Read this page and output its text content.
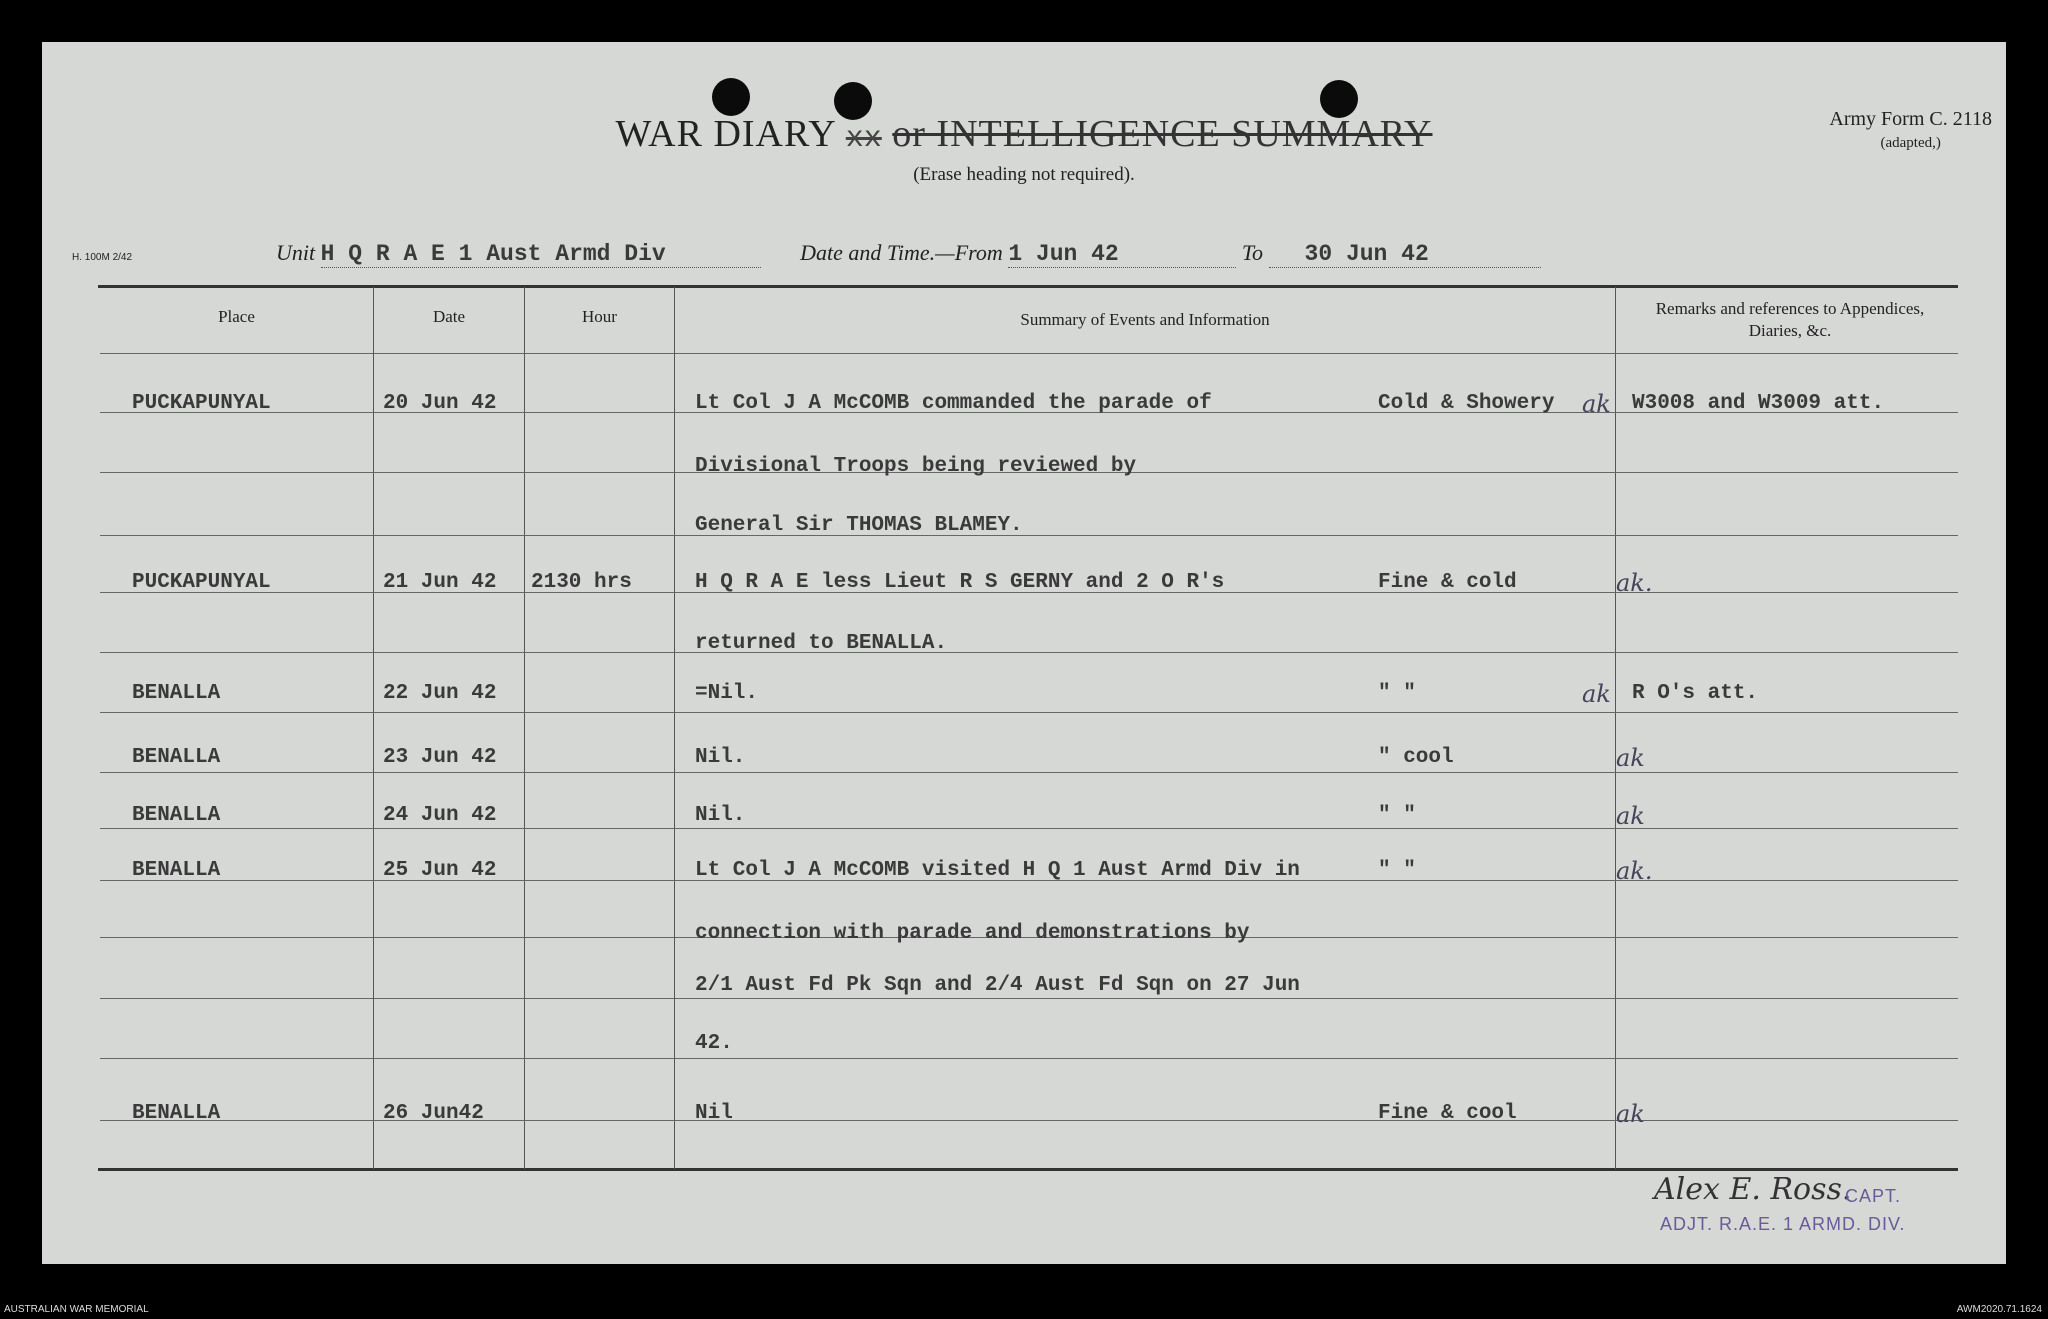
WAR DIARY xx or INTELLIGENCE SUMMARY
(Erase heading not required).
Army Form C. 2118
(adapted,)
H. 100M 2/42	Unit H Q R A E 1 Aust Armd Div	Date and Time.—From 1 Jun 42	To 30 Jun 42
Place	Date	Hour	Summary of Events and Information
Remarks and references to Appendices, Diaries, &c.
PUCKAPUNYAL	20 Jun 42	Lt Col J A McCOMB commanded the parade of	Cold & Showery	W3008 and W3009 att.
ak
Divisional Troops being reviewed by
General Sir THOMAS BLAMEY.
PUCKAPUNYAL	21 Jun 42 2130 hrs	H Q R A E less Lieut R S GERNY and 2 O R's	Fine & cold	ak.
returned to BENALLA.
BENALLA	22 Jun 42	=Nil.	" "	R O's att.
ak
BENALLA	23 Jun 42	Nil.	" cool	ak
BENALLA	24 Jun 42	Nil.	" "	ak
BENALLA	25 Jun 42	Lt Col J A McCOMB visited H Q 1 Aust Armd Div in	" "	ak.
connection with parade and demonstrations by
2/1 Aust Fd Pk Sqn and 2/4 Aust Fd Sqn on 27 Jun
42.
BENALLA	26 Jun42	Nil	Fine & cool	ak
Alex E. Ross.
CAPT.
ADJT. R.A.E. 1 ARMD. DIV.
AUSTRALIAN WAR MEMORIAL	AWM2020.71.1624
